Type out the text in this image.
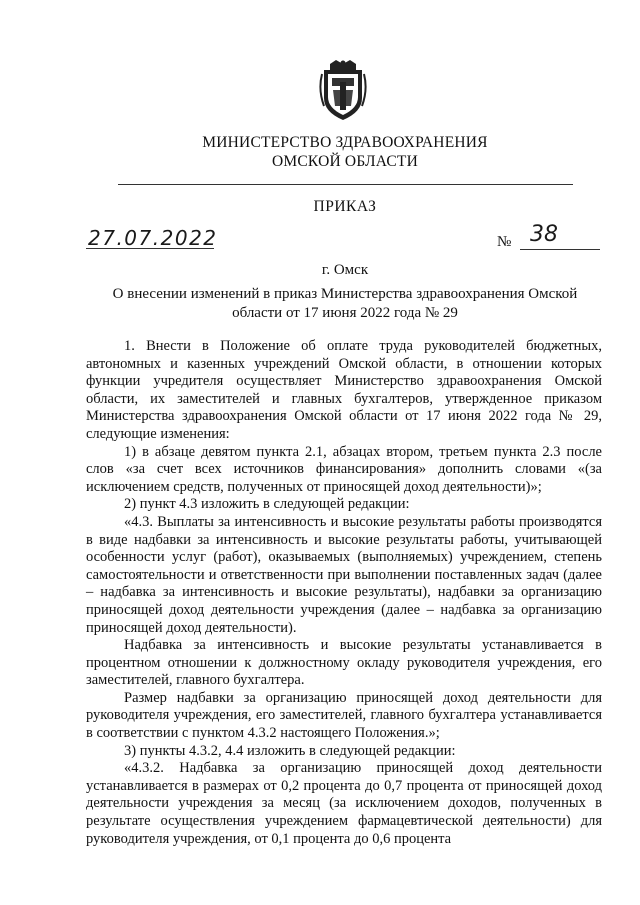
МИНИСТЕРСТВО ЗДРАВООХРАНЕНИЯ
ОМСКОЙ ОБЛАСТИ
ПРИКАЗ
27.07.2022	№ 38
г. Омск
О внесении изменений в приказ Министерства здравоохранения Омской
области от 17 июня 2022 года № 29

1. Внести в Положение об оплате труда руководителей бюджетных, автономных и казенных учреждений Омской области, в отношении которых функции учредителя осуществляет Министерство здравоохранения Омской области, их заместителей и главных бухгалтеров, утвержденное приказом Министерства здравоохранения Омской области от 17 июня 2022 года № 29, следующие изменения:

1) в абзаце девятом пункта 2.1, абзацах втором, третьем пункта 2.3 после слов «за счет всех источников финансирования» дополнить словами «(за исключением средств, полученных от приносящей доход деятельности)»;

2) пункт 4.3 изложить в следующей редакции:

«4.3. Выплаты за интенсивность и высокие результаты работы производятся в виде надбавки за интенсивность и высокие результаты работы, учитывающей особенности услуг (работ), оказываемых (выполняемых) учреждением, степень самостоятельности и ответственности при выполнении поставленных задач (далее – надбавка за интенсивность и высокие результаты), надбавки за организацию приносящей доход деятельности учреждения (далее – надбавка за организацию приносящей доход деятельности).

Надбавка за интенсивность и высокие результаты устанавливается в процентном отношении к должностному окладу руководителя учреждения, его заместителей, главного бухгалтера.

Размер надбавки за организацию приносящей доход деятельности для руководителя учреждения, его заместителей, главного бухгалтера устанавливается в соответствии с пунктом 4.3.2 настоящего Положения.»;

3) пункты 4.3.2, 4.4 изложить в следующей редакции:

«4.3.2. Надбавка за организацию приносящей доход деятельности устанавливается в размерах от 0,2 процента до 0,7 процента от приносящей доход деятельности учреждения за месяц (за исключением доходов, полученных в результате осуществления учреждением фармацевтической деятельности) для руководителя учреждения, от 0,1 процента до 0,6 процента
